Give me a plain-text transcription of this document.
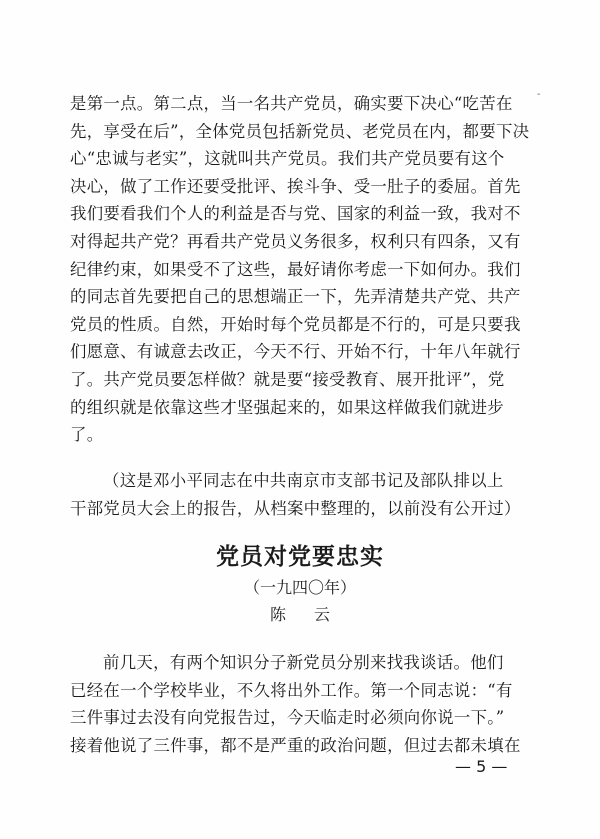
-
是第一点。第二点，当一名共产党员，确实要下决心“吃苦在
先，享受在后”，全体党员包括新党员、老党员在内，都要下决
心“忠诚与老实”，这就叫共产党员。我们共产党员要有这个
决心，做了工作还要受批评、挨斗争、受一肚子的委屈。首先
我们要看我们个人的利益是否与党、国家的利益一致，我对不
对得起共产党？再看共产党员义务很多，权利只有四条，又有
纪律约束，如果受不了这些，最好请你考虑一下如何办。我们
的同志首先要把自己的思想端正一下，先弄清楚共产党、共产
党员的性质。自然，开始时每个党员都是不行的，可是只要我
们愿意、有诚意去改正，今天不行、开始不行，十年八年就行
了。共产党员要怎样做？就是要“接受教育、展开批评”，党
的组织就是依靠这些才坚强起来的，如果这样做我们就进步
了。
（这是邓小平同志在中共南京市支部书记及部队排以上
干部党员大会上的报告，从档案中整理的，以前没有公开过）
党员对党要忠实
（一九四〇年）
陈云
前几天，有两个知识分子新党员分别来找我谈话。他们
已经在一个学校毕业，不久将出外工作。第一个同志说：“有
三件事过去没有向党报告过，今天临走时必须向你说一下。”
接着他说了三件事，都不是严重的政治问题，但过去都未填在
— 5 —
